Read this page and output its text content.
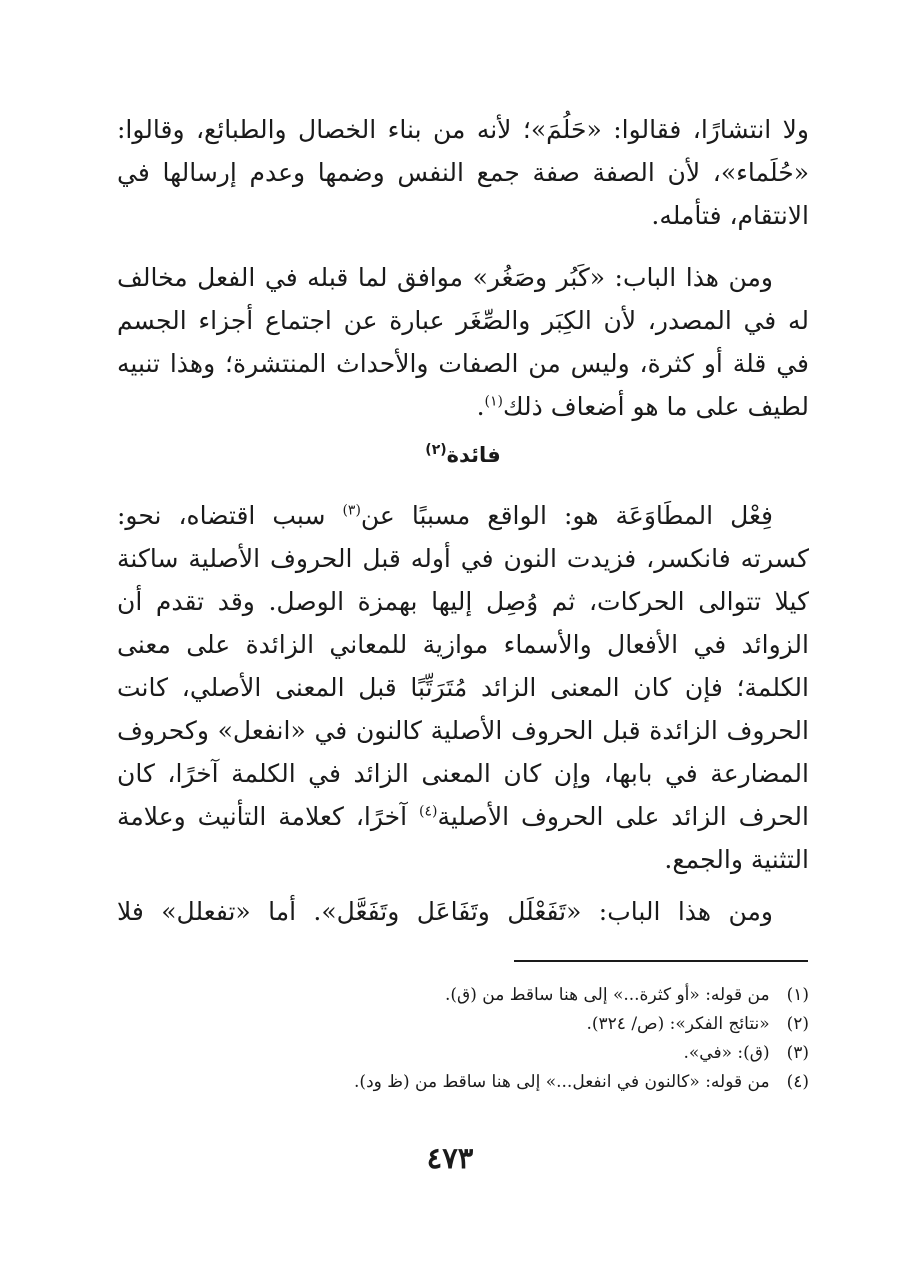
ولا انتشارًا، فقالوا: «حَلُمَ»؛ لأنه من بناء الخصال والطبائع، وقالوا:
«حُلَماء»، لأن الصفة صفة جمع النفس وضمها وعدم إرسالها في
الانتقام، فتأمله.
ومن هذا الباب: «كَبُر وصَغُر» موافق لما قبله في الفعل مخالف
له في المصدر، لأن الكِبَر والصِّغَر عبارة عن اجتماع أجزاء الجسم
في قلة أو كثرة، وليس من الصفات والأحداث المنتشرة؛ وهذا تنبيه
لطيف على ما هو أضعاف ذلك$^{(١)}$.
فائدة$^{(٢)}$
فِعْل المطَاوَعَة هو: الواقع مسببًا عن$^{(٣)}$ سبب اقتضاه، نحو:
كسرته فانكسر، فزيدت النون في أوله قبل الحروف الأصلية ساكنة
كيلا تتوالى الحركات، ثم وُصِل إليها بهمزة الوصل. وقد تقدم أن
الزوائد في الأفعال والأسماء موازية للمعاني الزائدة على معنى
الكلمة؛ فإن كان المعنى الزائد مُتَرَتِّبًا قبل المعنى الأصلي، كانت
الحروف الزائدة قبل الحروف الأصلية كالنون في «انفعل» وكحروف
المضارعة في بابها، وإن كان المعنى الزائد في الكلمة آخرًا، كان
الحرف الزائد على الحروف الأصلية$^{(٤)}$ آخرًا، كعلامة التأنيث وعلامة
التثنية والجمع.
ومن هذا الباب: «تَفَعْلَل وتَفَاعَل وتَفَعَّل». أما «تفعلل» فلا
(١) من قوله: «أو كثرة...» إلى هنا ساقط من (ق).
(٢) «نتائج الفكر»: (ص/ ٣٢٤).
(٣) (ق): «في».
(٤) من قوله: «كالنون في انفعل...» إلى هنا ساقط من (ظ ود).
٤٧٣
